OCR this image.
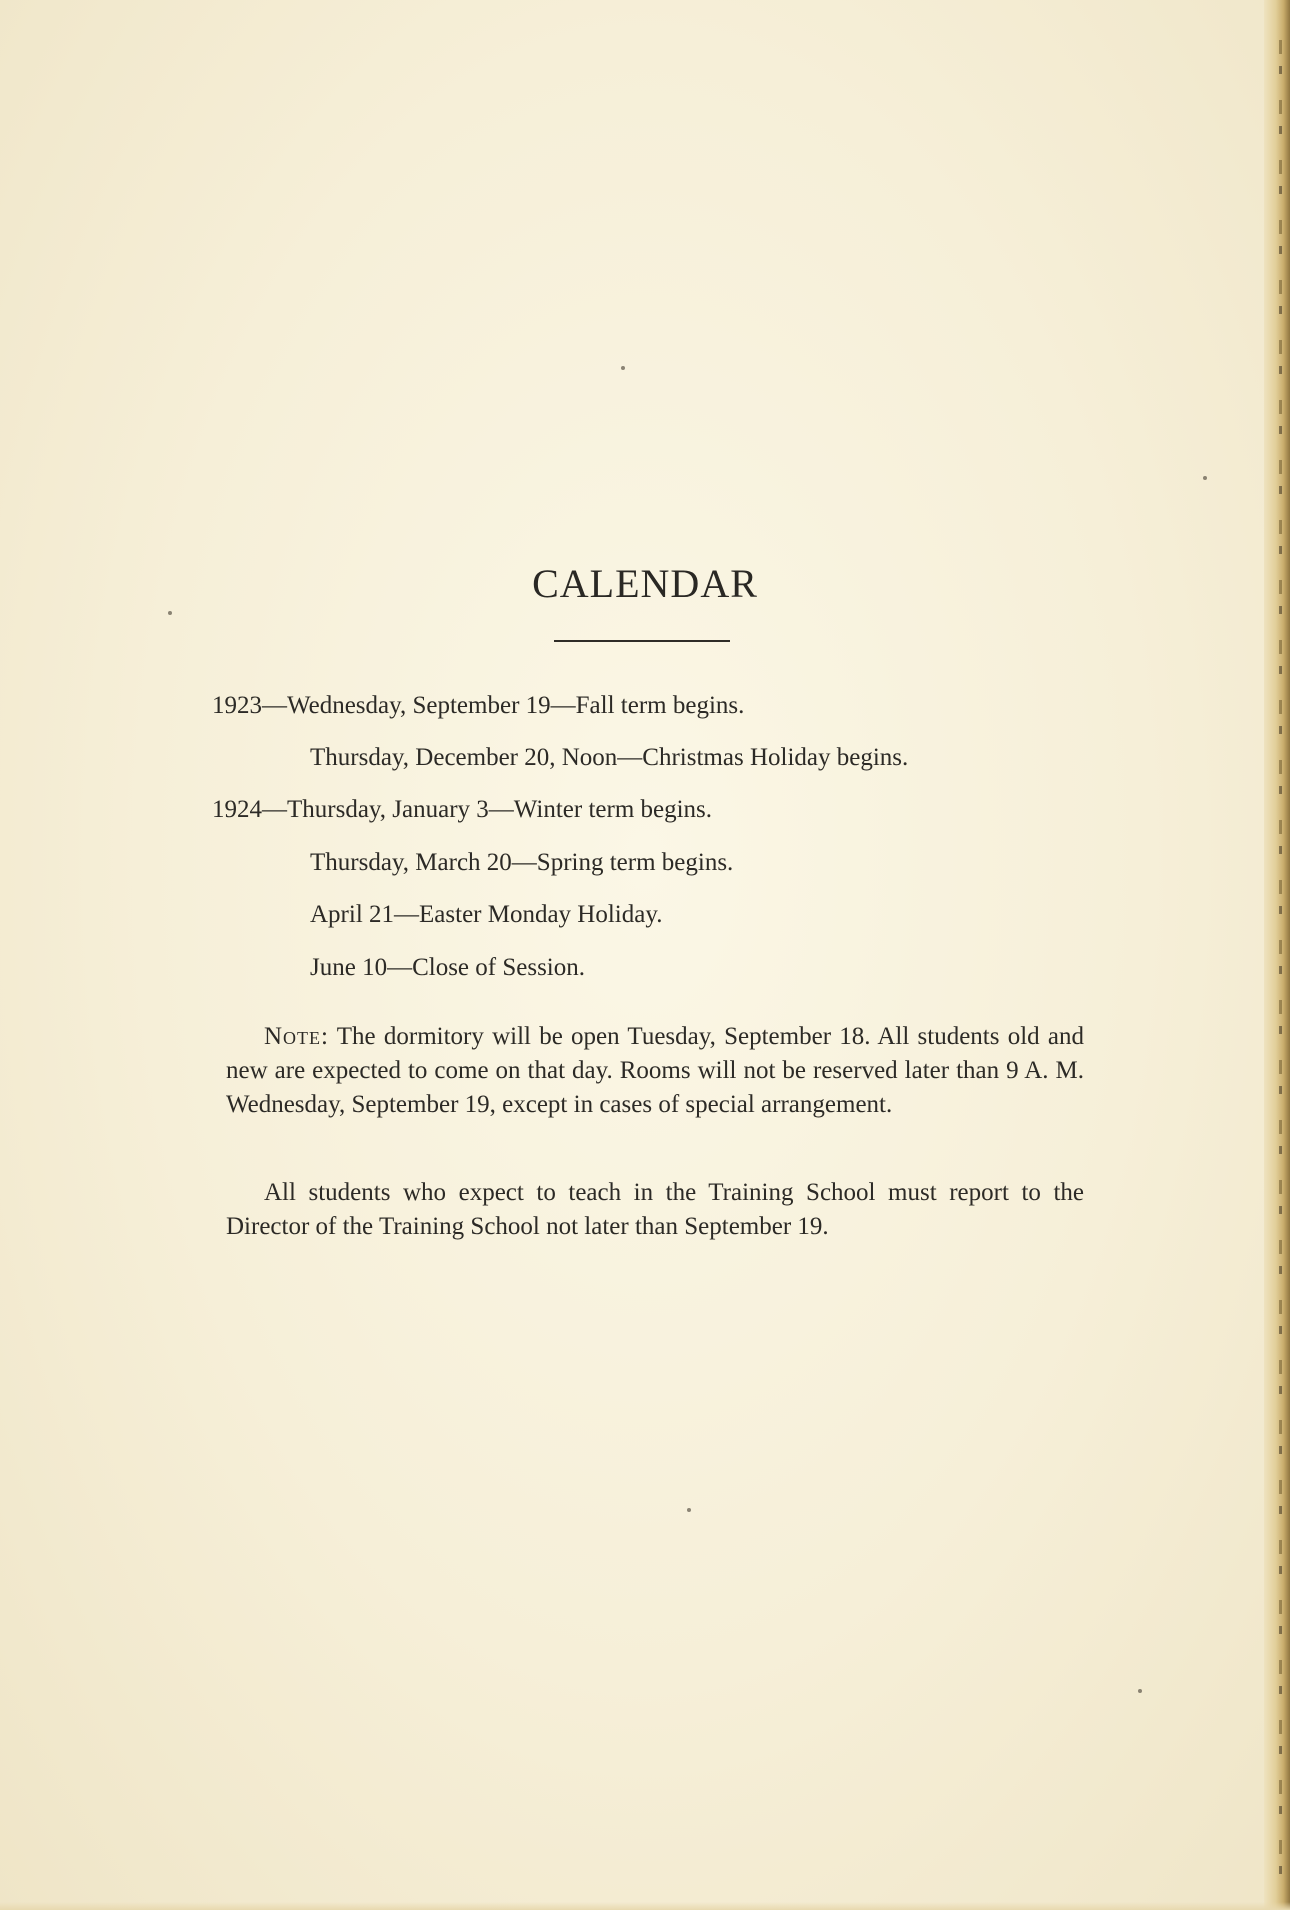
CALENDAR
1923—Wednesday, September 19—Fall term begins.
Thursday, December 20, Noon—Christmas Holiday begins.
1924—Thursday, January 3—Winter term begins.
Thursday, March 20—Spring term begins.
April 21—Easter Monday Holiday.
June 10—Close of Session.

Note: The dormitory will be open Tuesday, September 18. All students old and new are expected to come on that day. Rooms will not be reserved later than 9 A. M. Wednesday, September 19, except in cases of special arrangement.

All students who expect to teach in the Training School must report to the Director of the Training School not later than September 19.
